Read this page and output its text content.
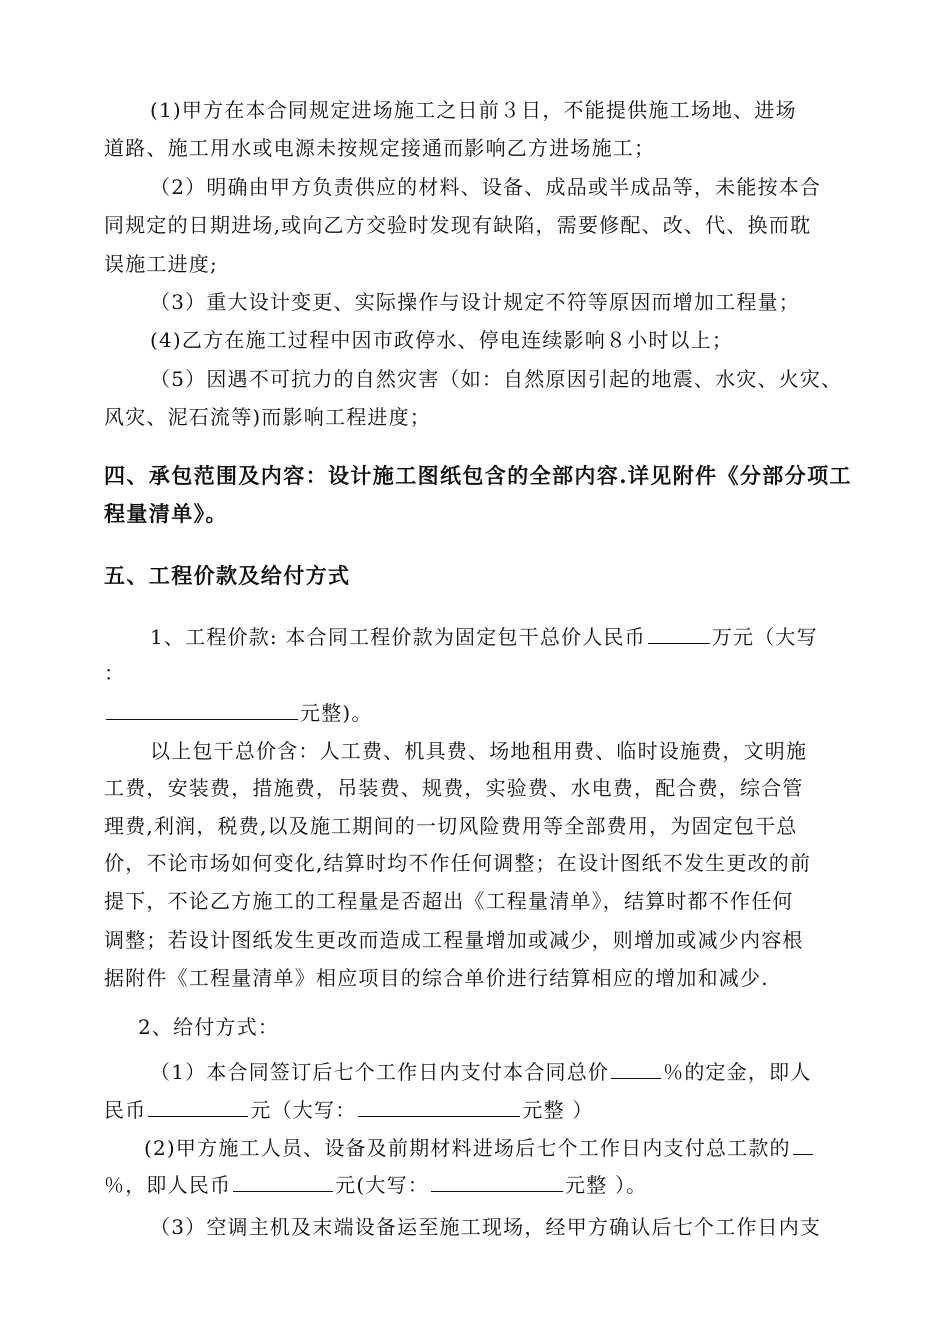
(1)甲方在本合同规定进场施工之日前３日，不能提供施工场地、进场
道路、施工用水或电源未按规定接通而影响乙方进场施工；
（2）明确由甲方负责供应的材料、设备、成品或半成品等，未能按本合
同规定的日期进场,或向乙方交验时发现有缺陷，需要修配、改、代、换而耽
误施工进度;
（3）重大设计变更、实际操作与设计规定不符等原因而增加工程量；
(4)乙方在施工过程中因市政停水、停电连续影响８小时以上；
（5）因遇不可抗力的自然灾害（如：自然原因引起的地震、水灾、火灾、
风灾、泥石流等)而影响工程进度；
四、承包范围及内容：设计施工图纸包含的全部内容.详见附件《分部分项工
程量清单》。
五、工程价款及给付方式
1、工程价款: 本合同工程价款为固定包干总价人民币	万元（大写
：
元整)。
以上包干总价含：人工费、机具费、场地租用费、临时设施费，文明施
工费，安装费，措施费，吊装费、规费，实验费、水电费，配合费，综合管
理费,利润，税费,以及施工期间的一切风险费用等全部费用，为固定包干总
价，不论市场如何变化,结算时均不作任何调整；在设计图纸不发生更改的前
提下，不论乙方施工的工程量是否超出《工程量清单》，结算时都不作任何
调整；若设计图纸发生更改而造成工程量增加或减少，则增加或减少内容根
据附件《工程量清单》相应项目的综合单价进行结算相应的增加和减少.
2、给付方式：
（1）本合同签订后七个工作日内支付本合同总价	％的定金，即人
民币	元（大写：	元整 ）
(2)甲方施工人员、设备及前期材料进场后七个工作日内支付总工款的
％，即人民币	元(大写：	元整 ）。
（3）空调主机及末端设备运至施工现场，经甲方确认后七个工作日内支
